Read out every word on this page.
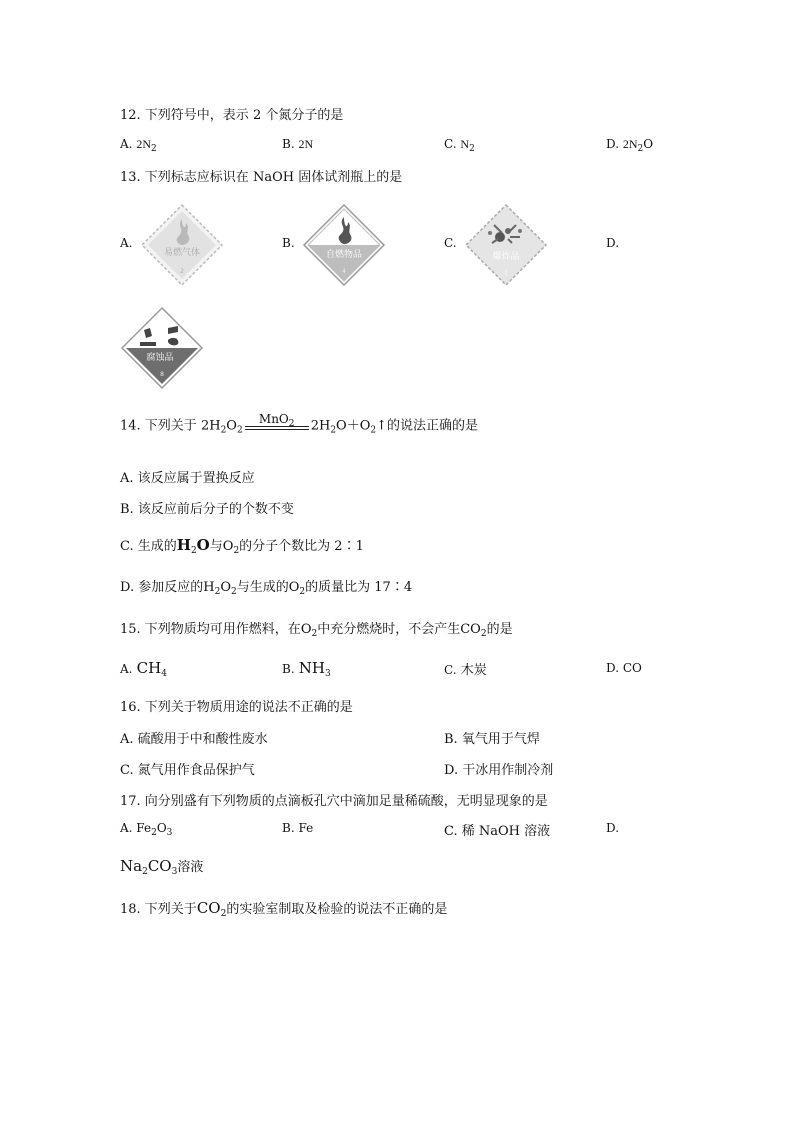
12. 下列符号中，表示 2 个氮分子的是
A. $2N_2$	B. 2N	C. $N_2$	D. $2N_2O$
13. 下列标志应标识在 NaOH 固体试剂瓶上的是
A.	B.	C.	D.
易燃气体
2
自燃物品
4
爆炸品
1
腐蚀品
8
14. 下列关于 $2H_2O_2$
MnO$_2$	$2H_2O+O_2↑$的说法正确的是
A. 该反应属于置换反应
B. 该反应前后分子的个数不变
C. 生成的$H_2O$与$O_2$的分子个数比为 2∶1
D. 参加反应的$H_2O_2$与生成的$O_2$的质量比为 17∶4
15. 下列物质均可用作燃料，在$O_2$中充分燃烧时，不会产生$CO_2$的是
A. $CH_4$	B. $NH_3$	C. 木炭	D. CO
16. 下列关于物质用途的说法不正确的是
A. 硫酸用于中和酸性废水	B. 氧气用于气焊
C. 氮气用作食品保护气	D. 干冰用作制冷剂
17. 向分别盛有下列物质的点滴板孔穴中滴加足量稀硫酸，无明显现象的是
A. $Fe_2O_3$	B. Fe	C. 稀 NaOH 溶液	D.
$Na_2CO_3$溶液
18. 下列关于$CO_2$的实验室制取及检验的说法不正确的是
